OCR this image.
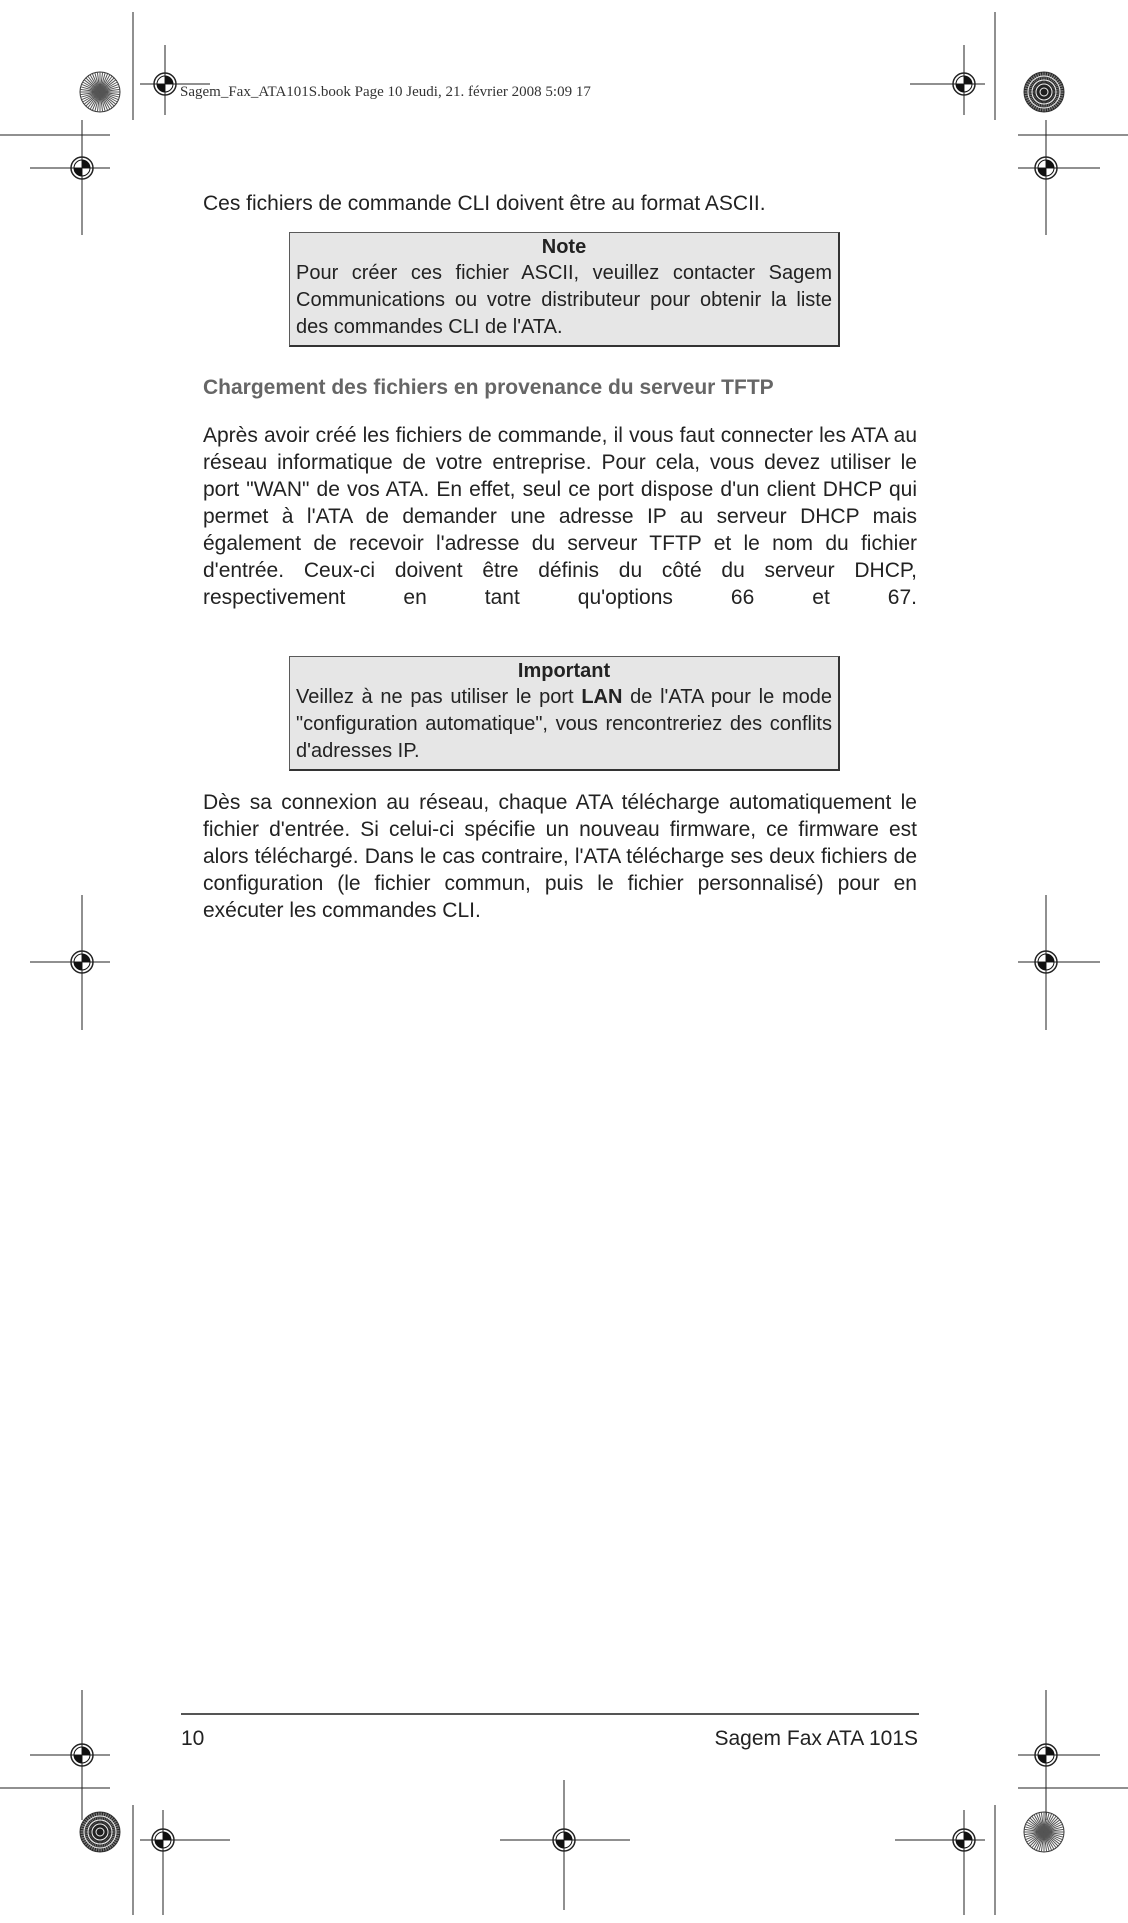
Sagem_Fax_ATA101S.book Page 10 Jeudi, 21. février 2008 5:09 17

Ces fichiers de commande CLI doivent être au format ASCII.

Note
Pour créer ces fichier ASCII, veuillez contacter Sagem Communications ou votre distributeur pour obtenir la liste des commandes CLI de l'ATA.
Chargement des fichiers en provenance du serveur TFTP

Après avoir créé les fichiers de commande, il vous faut connecter les ATA au réseau informatique de votre entreprise. Pour cela, vous devez utiliser le port "WAN" de vos ATA. En effet, seul ce port dispose d'un client DHCP qui permet à l'ATA de demander une adresse IP au serveur DHCP mais également de recevoir l'adresse du serveur TFTP et le nom du fichier d'entrée. Ceux-ci doivent être définis du côté du serveur DHCP, respectivement en tant qu'options 66 et 67.

Important
Veillez à ne pas utiliser le port LAN de l'ATA pour le mode "configuration automatique", vous rencontreriez des conflits d'adresses IP.

Dès sa connexion au réseau, chaque ATA télécharge automatiquement le fichier d'entrée. Si celui-ci spécifie un nouveau firmware, ce firmware est alors téléchargé. Dans le cas contraire, l'ATA télécharge ses deux fichiers de configuration (le fichier commun, puis le fichier personnalisé) pour en exécuter les commandes CLI.

10	Sagem Fax ATA 101S
